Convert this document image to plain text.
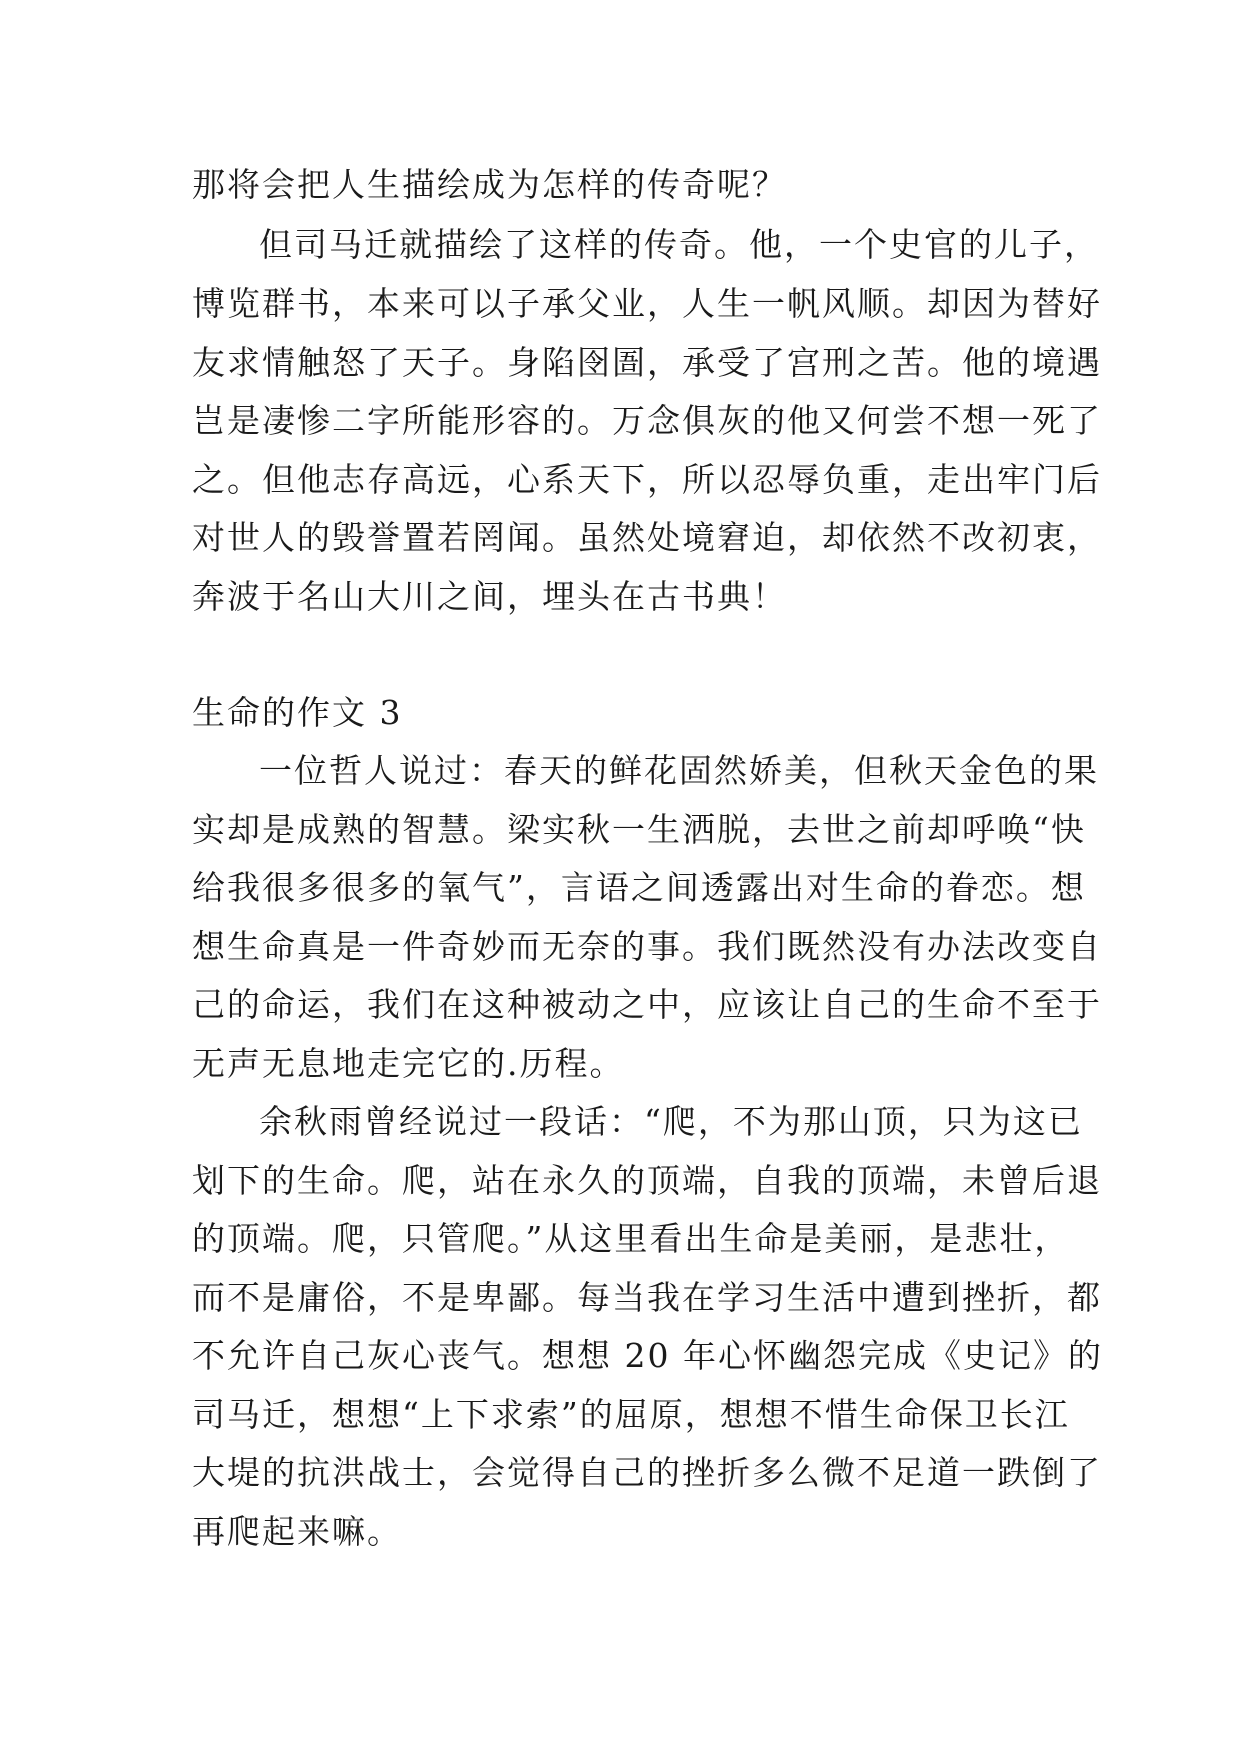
那将会把人生描绘成为怎样的传奇呢？
但司马迁就描绘了这样的传奇。他，一个史官的儿子，
博览群书，本来可以子承父业，人生一帆风顺。却因为替好
友求情触怒了天子。身陷囹圄，承受了宫刑之苦。他的境遇
岂是凄惨二字所能形容的。万念俱灰的他又何尝不想一死了
之。但他志存高远，心系天下，所以忍辱负重，走出牢门后
对世人的毁誉置若罔闻。虽然处境窘迫，却依然不改初衷，
奔波于名山大川之间，埋头在古书典！
生命的作文 3
一位哲人说过：春天的鲜花固然娇美，但秋天金色的果
实却是成熟的智慧。梁实秋一生洒脱，去世之前却呼唤“快
给我很多很多的氧气”，言语之间透露出对生命的眷恋。想
想生命真是一件奇妙而无奈的事。我们既然没有办法改变自
己的命运，我们在这种被动之中，应该让自己的生命不至于
无声无息地走完它的.历程。
余秋雨曾经说过一段话：“爬，不为那山顶，只为这已
划下的生命。爬，站在永久的顶端，自我的顶端，未曾后退
的顶端。爬，只管爬。”从这里看出生命是美丽，是悲壮，
而不是庸俗，不是卑鄙。每当我在学习生活中遭到挫折，都
不允许自己灰心丧气。想想 20 年心怀幽怨完成《史记》的
司马迁，想想“上下求索”的屈原，想想不惜生命保卫长江
大堤的抗洪战士，会觉得自己的挫折多么微不足道一跌倒了
再爬起来嘛。
